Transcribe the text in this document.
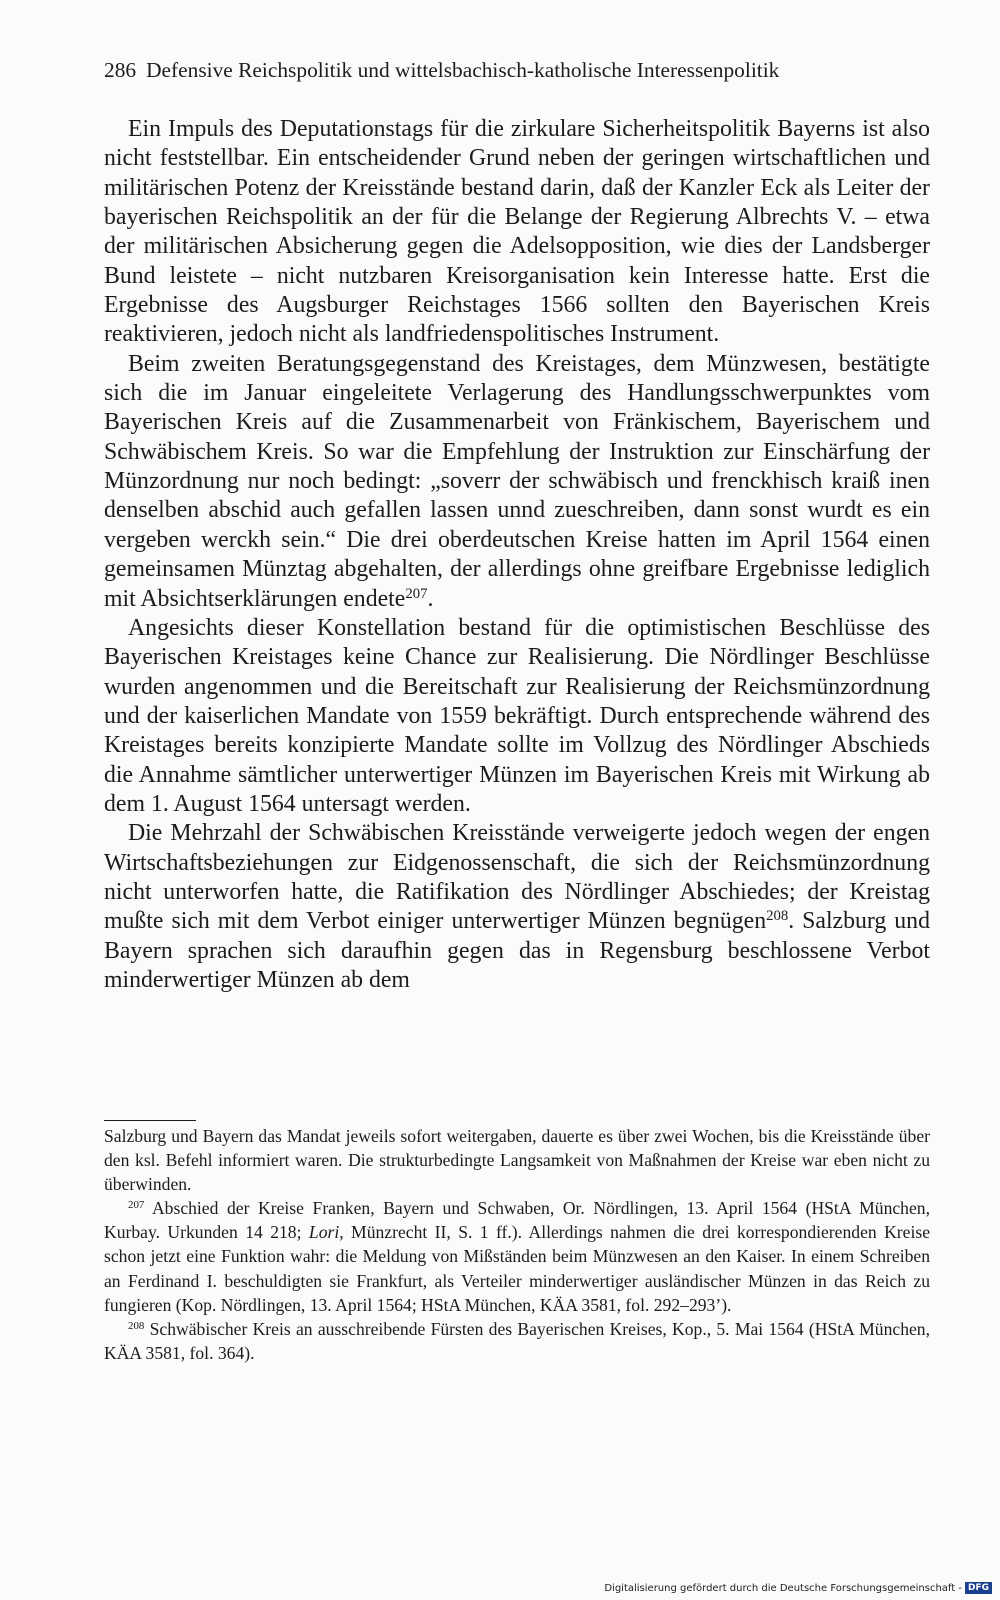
286 Defensive Reichspolitik und wittelsbachisch-katholische Interessenpolitik

Ein Impuls des Deputationstags für die zirkulare Sicherheitspolitik Bayerns ist also nicht feststellbar. Ein entscheidender Grund neben der geringen wirtschaftlichen und militärischen Potenz der Kreisstände bestand darin, daß der Kanzler Eck als Leiter der bayerischen Reichspolitik an der für die Belange der Regierung Albrechts V. – etwa der militärischen Absicherung gegen die Adelsopposition, wie dies der Landsberger Bund leistete – nicht nutzbaren Kreisorganisation kein Interesse hatte. Erst die Ergebnisse des Augsburger Reichstages 1566 sollten den Bayerischen Kreis reaktivieren, jedoch nicht als landfriedenspolitisches Instrument.

Beim zweiten Beratungsgegenstand des Kreistages, dem Münzwesen, bestätigte sich die im Januar eingeleitete Verlagerung des Handlungsschwerpunktes vom Bayerischen Kreis auf die Zusammenarbeit von Fränkischem, Bayerischem und Schwäbischem Kreis. So war die Empfehlung der Instruktion zur Einschärfung der Münzordnung nur noch bedingt: „soverr der schwäbisch und frenckhisch kraiß inen denselben abschid auch gefallen lassen unnd zueschreiben, dann sonst wurdt es ein vergeben werckh sein.“ Die drei oberdeutschen Kreise hatten im April 1564 einen gemeinsamen Münztag abgehalten, der allerdings ohne greifbare Ergebnisse lediglich mit Absichtserklärungen endete$^{207}$.

Angesichts dieser Konstellation bestand für die optimistischen Beschlüsse des Bayerischen Kreistages keine Chance zur Realisierung. Die Nördlinger Beschlüsse wurden angenommen und die Bereitschaft zur Realisierung der Reichsmünzordnung und der kaiserlichen Mandate von 1559 bekräftigt. Durch entsprechende während des Kreistages bereits konzipierte Mandate sollte im Vollzug des Nördlinger Abschieds die Annahme sämtlicher unterwertiger Münzen im Bayerischen Kreis mit Wirkung ab dem 1. August 1564 untersagt werden.

Die Mehrzahl der Schwäbischen Kreisstände verweigerte jedoch wegen der engen Wirtschaftsbeziehungen zur Eidgenossenschaft, die sich der Reichsmünzordnung nicht unterworfen hatte, die Ratifikation des Nördlinger Abschiedes; der Kreistag mußte sich mit dem Verbot einiger unterwertiger Münzen begnügen$^{208}$. Salzburg und Bayern sprachen sich daraufhin gegen das in Regensburg beschlossene Verbot minderwertiger Münzen ab dem

Salzburg und Bayern das Mandat jeweils sofort weitergaben, dauerte es über zwei Wochen, bis die Kreisstände über den ksl. Befehl informiert waren. Die strukturbedingte Langsamkeit von Maßnahmen der Kreise war eben nicht zu überwinden.

$^{207}$ Abschied der Kreise Franken, Bayern und Schwaben, Or. Nördlingen, 13. April 1564 (HStA München, Kurbay. Urkunden 14 218; Lori, Münzrecht II, S. 1 ff.). Allerdings nahmen die drei korrespondierenden Kreise schon jetzt eine Funktion wahr: die Meldung von Mißständen beim Münzwesen an den Kaiser. In einem Schreiben an Ferdinand I. beschuldigten sie Frankfurt, als Verteiler minderwertiger ausländischer Münzen in das Reich zu fungieren (Kop. Nördlingen, 13. April 1564; HStA München, KÄA 3581, fol. 292–293’).

$^{208}$ Schwäbischer Kreis an ausschreibende Fürsten des Bayerischen Kreises, Kop., 5. Mai 1564 (HStA München, KÄA 3581, fol. 364).

Digitalisierung gefördert durch die Deutsche Forschungsgemeinschaft - DFG
